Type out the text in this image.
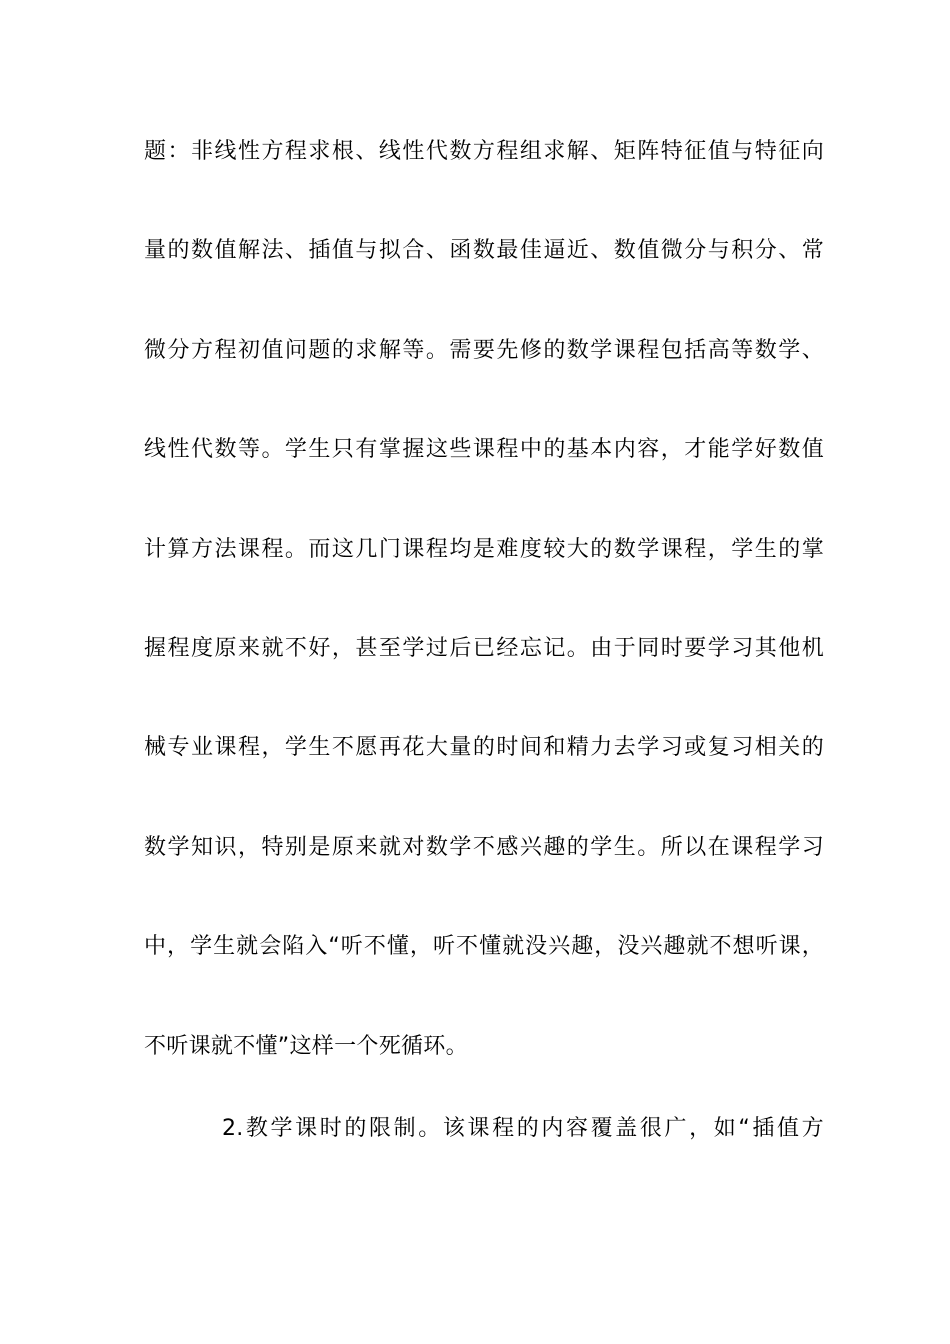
题：非线性方程求根、线性代数方程组求解、矩阵特征值与特征向
量的数值解法、插值与拟合、函数最佳逼近、数值微分与积分、常
微分方程初值问题的求解等。需要先修的数学课程包括高等数学、
线性代数等。学生只有掌握这些课程中的基本内容，才能学好数值
计算方法课程。而这几门课程均是难度较大的数学课程，学生的掌
握程度原来就不好，甚至学过后已经忘记。由于同时要学习其他机
械专业课程，学生不愿再花大量的时间和精力去学习或复习相关的
数学知识，特别是原来就对数学不感兴趣的学生。所以在课程学习
中，学生就会陷入“听不懂，听不懂就没兴趣，没兴趣就不想听课，
不听课就不懂”这样一个死循环。
2.教学课时的限制。该课程的内容覆盖很广，如“插值方
